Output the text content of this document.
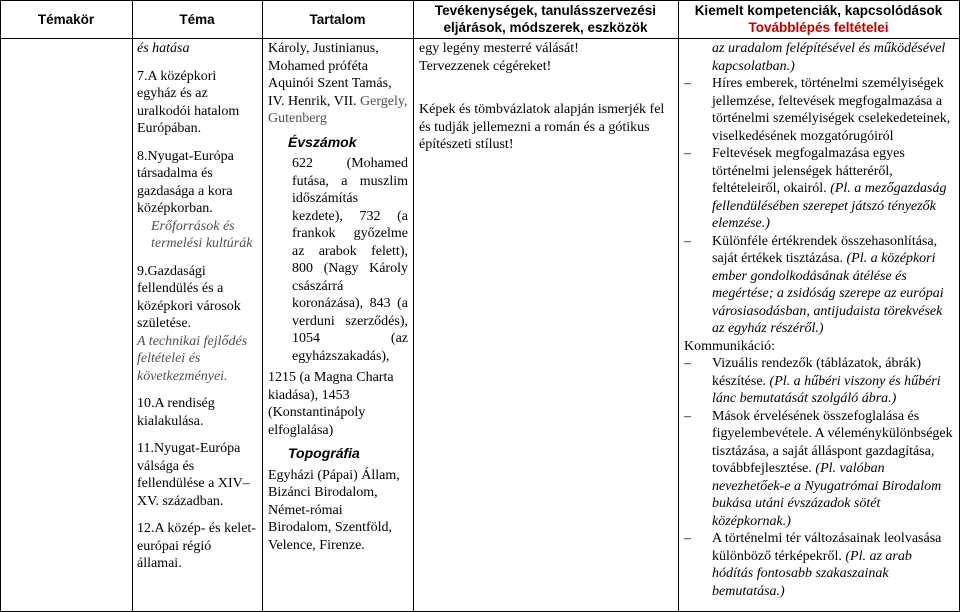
Témakör	Téma	Tartalom
Tevékenységek, tanulásszervezési
eljárások, módszerek, eszközök
Kiemelt kompetenciák, kapcsolódások
Továbblépés feltételei

és hatása

7.A középkori egyház és az uralkodói hatalom Európában.

8.Nyugat-Európa társadalma és gazdasága a kora középkorban.

Erőforrások és termelési kultúrák

9.Gazdasági fellendülés és a középkori városok születése.

A technikai fejlődés feltételei és következményei.

10.A rendiség kialakulása.

11.Nyugat-Európa válsága és fellendülése a XIV–XV. században.

12.A közép- és kelet-európai régió államai.

Károly, Justinianus, Mohamed próféta Aquinói Szent Tamás, IV. Henrik, VII. Gergely, Gutenberg

Évszámok

622 (Mohamed futása, a muszlim időszámítás kezdete), 732 (a frankok győzelme az arabok felett), 800 (Nagy Károly császárrá koronázása), 843 (a verduni szerződés), 1054 (az egyházszakadás),

1215 (a Magna Charta kiadása), 1453 (Konstantinápoly elfoglalása)

Topográfia

Egyházi (Pápai) Állam, Bizánci Birodalom, Német-római Birodalom, Szentföld, Velence, Firenze.

egy legény mesterré válását!

Tervezzenek cégéreket!

Képek és tömbvázlatok alapján ismerjék fel és tudják jellemezni a román és a gótikus építészeti stílust!

az uradalom felépítésével és működésével kapcsolatban.)

– Híres emberek, történelmi személyiségek jellemzése, feltevések megfogalmazása a történelmi személyiségek cselekedeteinek, viselkedésének mozgatórugóiról

– Feltevések megfogalmazása egyes történelmi jelenségek hátteréről, feltételeiről, okairól. (Pl. a mezőgazdaság fellendülésében szerepet játszó tényezők elemzése.)

– Különféle értékrendek összehasonlítása, saját értékek tisztázása. (Pl. a középkori ember gondolkodásának átélése és megértése; a zsidóság szerepe az európai városiasodásban, antijudaista törekvések az egyház részéről.)

Kommunikáció:

– Vizuális rendezők (táblázatok, ábrák) készítése. (Pl. a hűbéri viszony és hűbéri lánc bemutatását szolgáló ábra.)

– Mások érvelésének összefoglalása és figyelembevétele. A véleménykülönbségek tisztázása, a saját álláspont gazdagítása, továbbfejlesztése. (Pl. valóban nevezhetőek-e a Nyugatrómai Birodalom bukása utáni évszázadok sötét középkornak.)

– A történelmi tér változásainak leolvasása különböző térképekről. (Pl. az arab hódítás fontosabb szakaszainak bemutatása.)
